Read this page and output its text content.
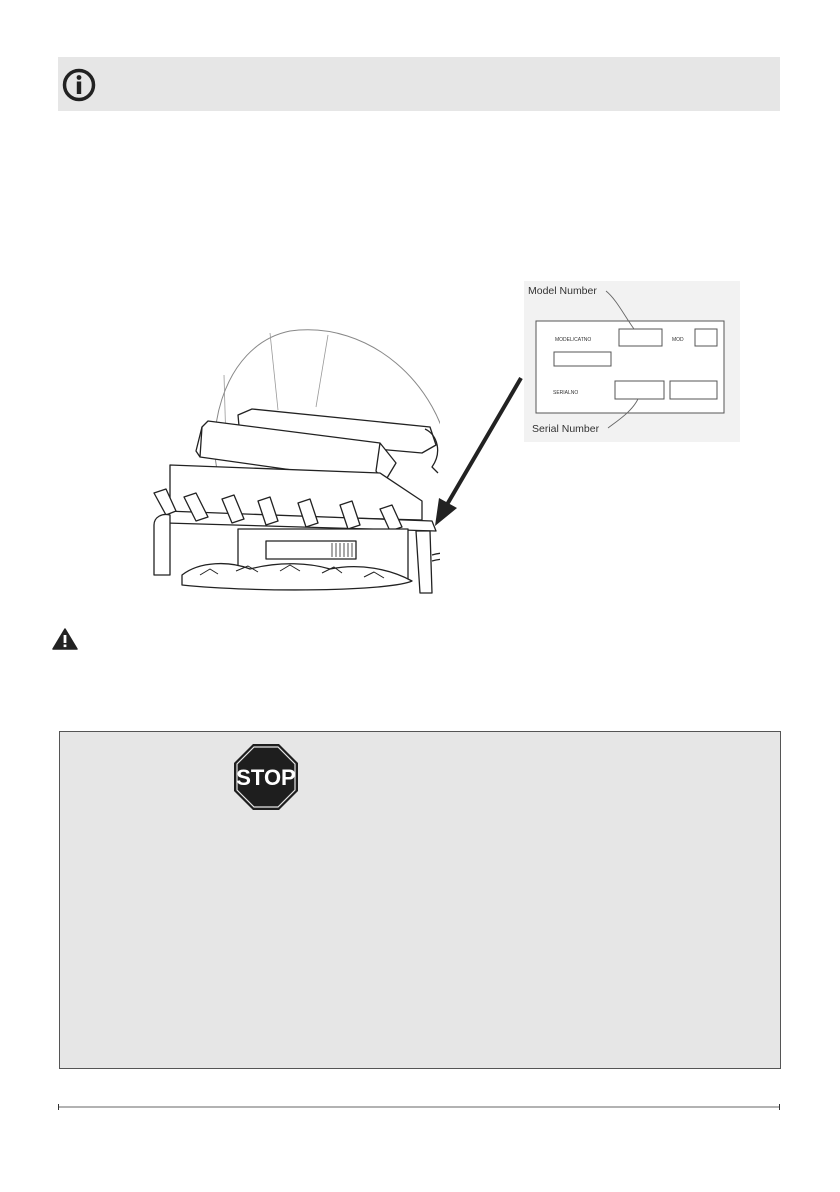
MODEL/CATNO	MOD
SERIALNO
Model Number
Serial Number
STOP
